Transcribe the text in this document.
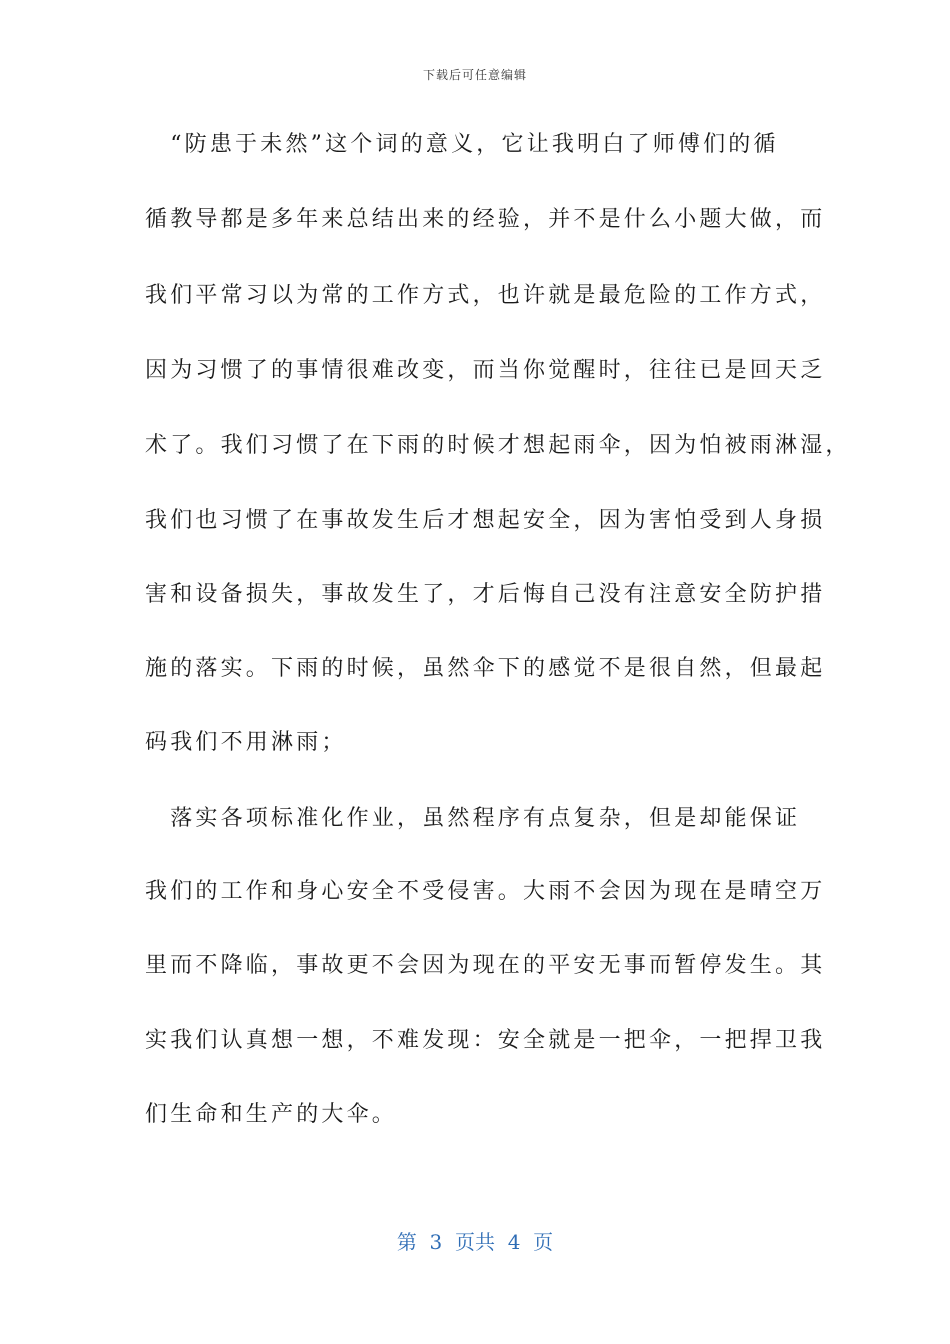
下载后可任意编辑
　“防患于未然”这个词的意义，它让我明白了师傅们的循
循教导都是多年来总结出来的经验，并不是什么小题大做，而
我们平常习以为常的工作方式，也许就是最危险的工作方式，
因为习惯了的事情很难改变，而当你觉醒时，往往已是回天乏
术了。我们习惯了在下雨的时候才想起雨伞，因为怕被雨淋湿，
我们也习惯了在事故发生后才想起安全，因为害怕受到人身损
害和设备损失，事故发生了，才后悔自己没有注意安全防护措
施的落实。下雨的时候，虽然伞下的感觉不是很自然，但最起
码我们不用淋雨；
　落实各项标准化作业，虽然程序有点复杂，但是却能保证
我们的工作和身心安全不受侵害。大雨不会因为现在是晴空万
里而不降临，事故更不会因为现在的平安无事而暂停发生。其
实我们认真想一想，不难发现：安全就是一把伞，一把捍卫我
们生命和生产的大伞。
第  3  页共  4  页
